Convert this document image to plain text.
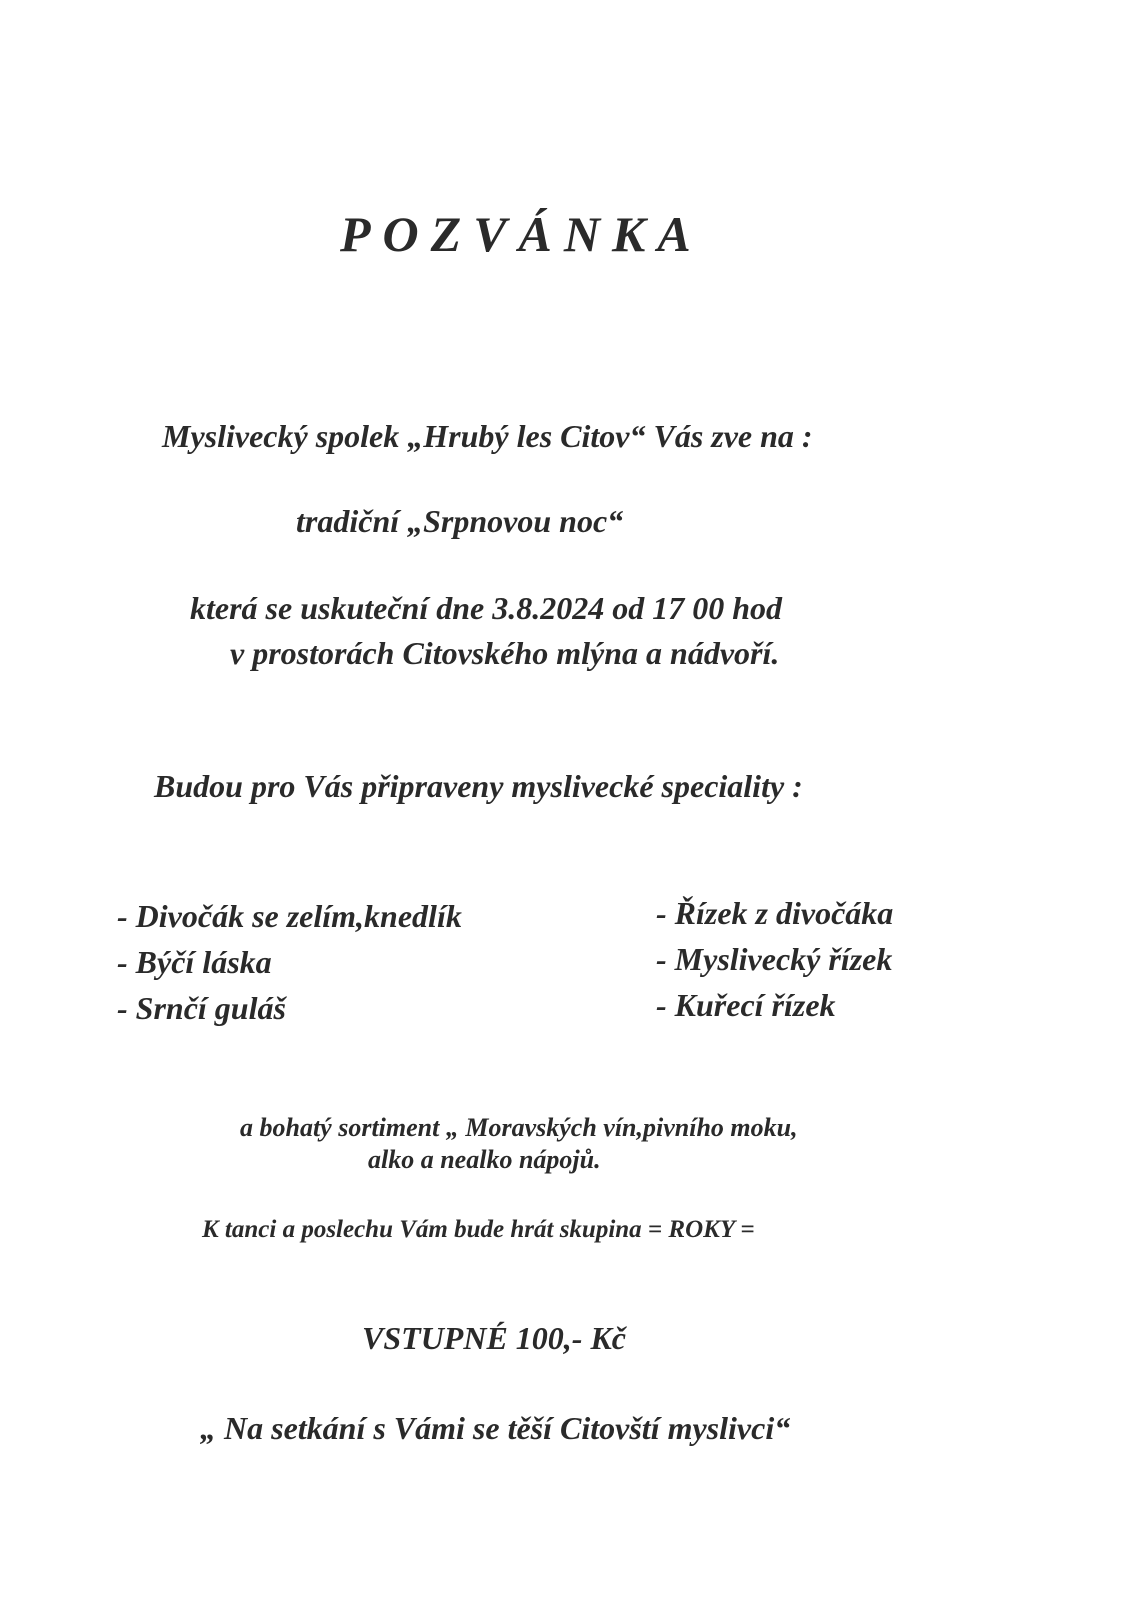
POZVÁNKA
Myslivecký spolek „Hrubý les Citov“ Vás zve na :
tradiční „Srpnovou noc“
která se uskuteční dne 3.8.2024 od 17 00 hod
v prostorách Citovského mlýna a nádvoří.
Budou pro Vás připraveny myslivecké speciality :
- Divočák se zelím,knedlík
- Býčí láska
- Srnčí guláš
- Řízek z divočáka
- Myslivecký řízek
- Kuřecí řízek
a bohatý sortiment „ Moravských vín,pivního moku,
alko a nealko nápojů.
K tanci a poslechu Vám bude hrát skupina = ROKY =
VSTUPNÉ 100,- Kč
„ Na setkání s Vámi se těší Citovští myslivci“
